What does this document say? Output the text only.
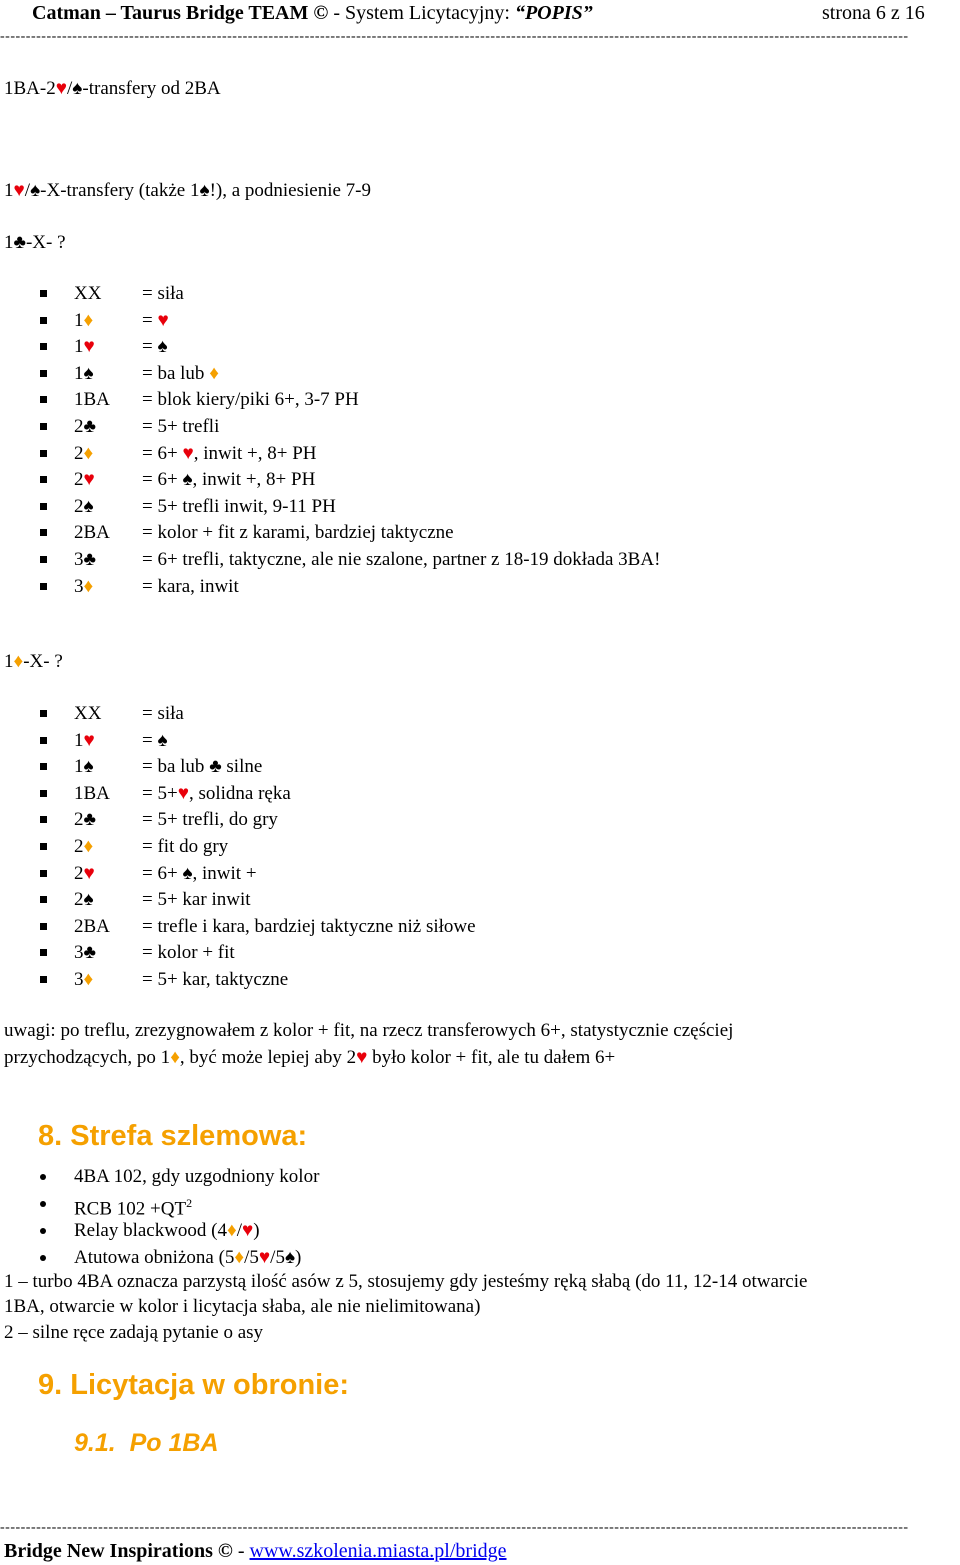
Catman – Taurus Bridge TEAM © - System Licytacyjny: “POPIS”	strona 6 z 16
--------------------------------------------------------------------------------------------------------------------------------------------------------------------------------
1BA-2♥/♠-transfery od 2BA
1♥/♠-X-transfery (także 1♠!), a podniesienie 7-9
1♣-X- ?
XX = siła
1♦	= ♥
1♥ = ♠
1♠	= ba lub ♦
1BA = blok kiery/piki 6+, 3-7 PH
2♣ = 5+ trefli
2♦	= 6+ ♥, inwit +, 8+ PH
2♥ = 6+ ♠, inwit +, 8+ PH
2♠	= 5+ trefli inwit, 9-11 PH
2BA = kolor + fit z karami, bardziej taktyczne
3♣ = 6+ trefli, taktyczne, ale nie szalone, partner z 18-19 dokłada 3BA!
3♦	= kara, inwit
1♦-X- ?
XX = siła
1♥ = ♠
1♠	= ba lub ♣ silne
1BA = 5+♥, solidna ręka
2♣ = 5+ trefli, do gry
2♦	= fit do gry
2♥ = 6+ ♠, inwit +
2♠	= 5+ kar inwit
2BA = trefle i kara, bardziej taktyczne niż siłowe
3♣ = kolor + fit
3♦	= 5+ kar, taktyczne
uwagi: po treflu, zrezygnowałem z kolor + fit, na rzecz transferowych 6+, statystycznie częściej
przychodzących, po 1♦, być może lepiej aby 2♥ było kolor + fit, ale tu dałem 6+
8. Strefa szlemowa:
4BA 102, gdy uzgodniony kolor
RCB $102 +QT^2$
Relay blackwood (4♦/♥)
Atutowa obniżona (5♦/5♥/5♠)
1 – turbo 4BA oznacza parzystą ilość asów z 5, stosujemy gdy jesteśmy ręką słabą (do 11, 12-14 otwarcie
1BA, otwarcie w kolor i licytacja słaba, ale nie nielimitowana)
2 – silne ręce zadają pytanie o asy
9. Licytacja w obronie:
9.1.  Po 1BA
--------------------------------------------------------------------------------------------------------------------------------------------------------------------------------
Bridge New Inspirations © - www.szkolenia.miasta.pl/bridge
